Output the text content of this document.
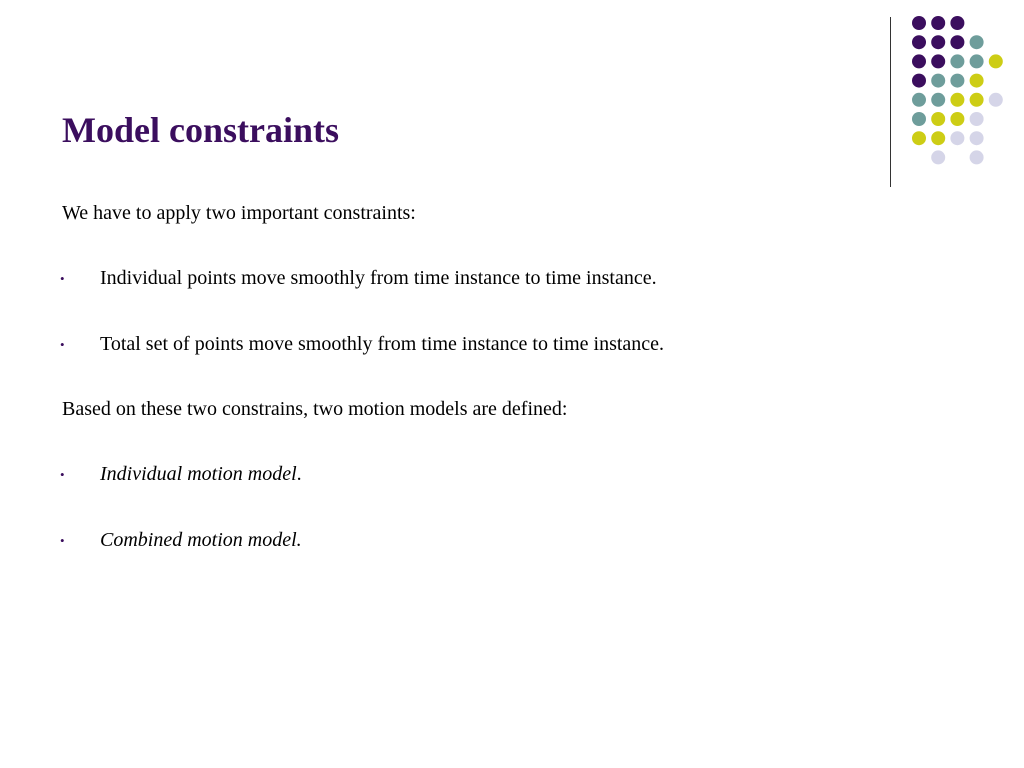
Model constraints

We have to apply two important constraints:

• Individual points move smoothly from time instance to time instance.

• Total set of points move smoothly from time instance to time instance.

Based on these two constrains, two motion models are defined:

• Individual motion model.

• Combined motion model.
